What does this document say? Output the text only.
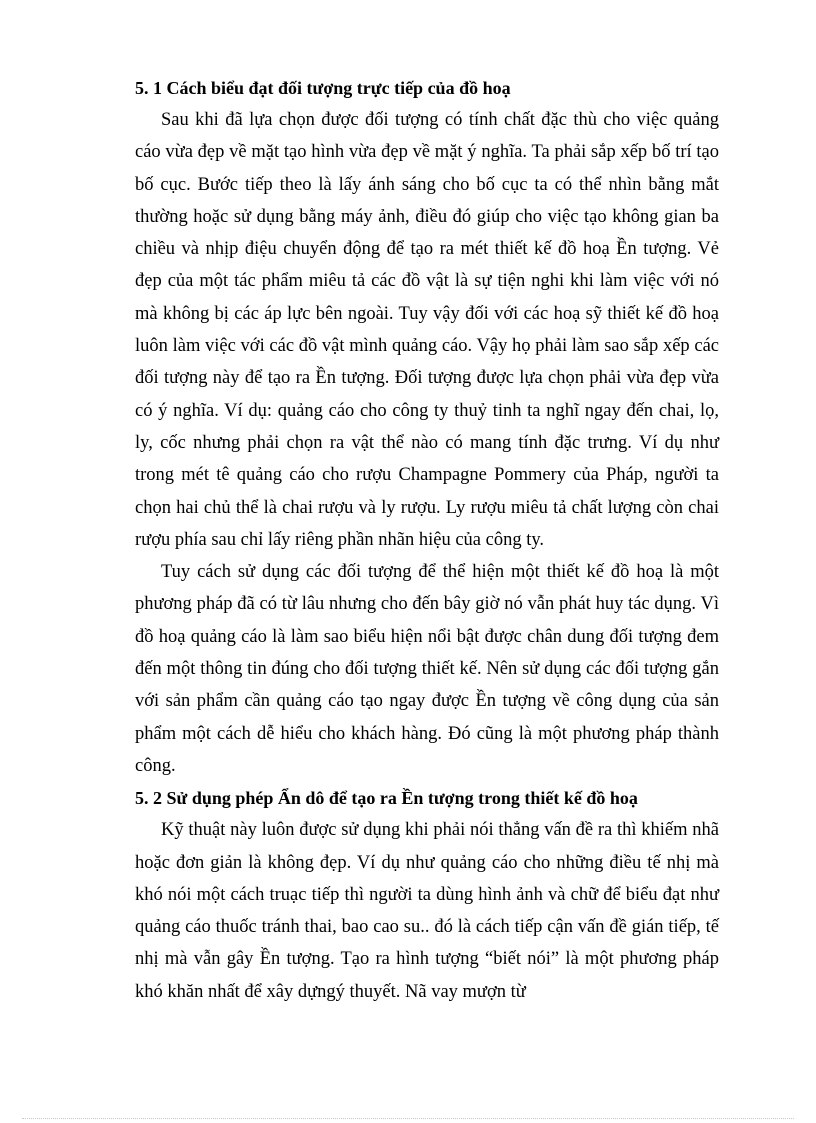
5. 1 Cách biểu đạt đối tượng trực tiếp của đồ hoạ

Sau khi đã lựa chọn được đối tượng có tính chất đặc thù cho việc quảng cáo vừa đẹp về mặt tạo hình vừa đẹp về mặt ý nghĩa. Ta phải sắp xếp bố trí tạo bố cục. Bước tiếp theo là lấy ánh sáng cho bố cục ta có thể nhìn bằng mắt thường hoặc sử dụng bằng máy ảnh, điều đó giúp cho việc tạo không gian ba chiều và nhịp điệu chuyển động để tạo ra mét thiết kế đồ hoạ Ền tượng. Vẻ đẹp của một tác phẩm miêu tả các đồ vật là sự tiện nghi khi làm việc với nó mà không bị các áp lực bên ngoài. Tuy vậy đối với các hoạ sỹ thiết kế đồ hoạ luôn làm việc với các đồ vật mình quảng cáo. Vậy họ phải làm sao sắp xếp các đối tượng này để tạo ra Ền tượng. Đối tượng được lựa chọn phải vừa đẹp vừa có ý nghĩa. Ví dụ: quảng cáo cho công ty thuỷ tinh ta nghĩ ngay đến chai, lọ, ly, cốc nhưng phải chọn ra vật thể nào có mang tính đặc trưng. Ví dụ như trong mét tê quảng cáo cho rượu Champagne Pommery của Pháp, người ta chọn hai chủ thể là chai rượu và ly rượu. Ly rượu miêu tả chất lượng còn chai rượu phía sau chỉ lấy riêng phần nhãn hiệu của công ty.

Tuy cách sử dụng các đối tượng để thể hiện một thiết kế đồ hoạ là một phương pháp đã có từ lâu nhưng cho đến bây giờ nó vẫn phát huy tác dụng. Vì đồ hoạ quảng cáo là làm sao biểu hiện nổi bật được chân dung đối tượng đem đến một thông tin đúng cho đối tượng thiết kế. Nên sử dụng các đối tượng gắn với sản phẩm cần quảng cáo tạo ngay được Ền tượng về công dụng của sản phẩm một cách dễ hiểu cho khách hàng. Đó cũng là một phương pháp thành công.

5. 2 Sử dụng phép Ẩn dô để tạo ra Ền tượng trong thiết kế đồ hoạ

Kỹ thuật này luôn được sử dụng khi phải nói thẳng vấn đề ra thì khiếm nhã hoặc đơn giản là không đẹp. Ví dụ như quảng cáo cho những điều tế nhị mà khó nói một cách truạc tiếp thì người ta dùng hình ảnh và chữ để biểu đạt như quảng cáo thuốc tránh thai, bao cao su.. đó là cách tiếp cận vấn đề gián tiếp, tế nhị mà vẫn gây Ền tượng. Tạo ra hình tượng “biết nói” là một phương pháp khó khăn nhất để xây dựngý thuyết. Nã vay mượn từ
